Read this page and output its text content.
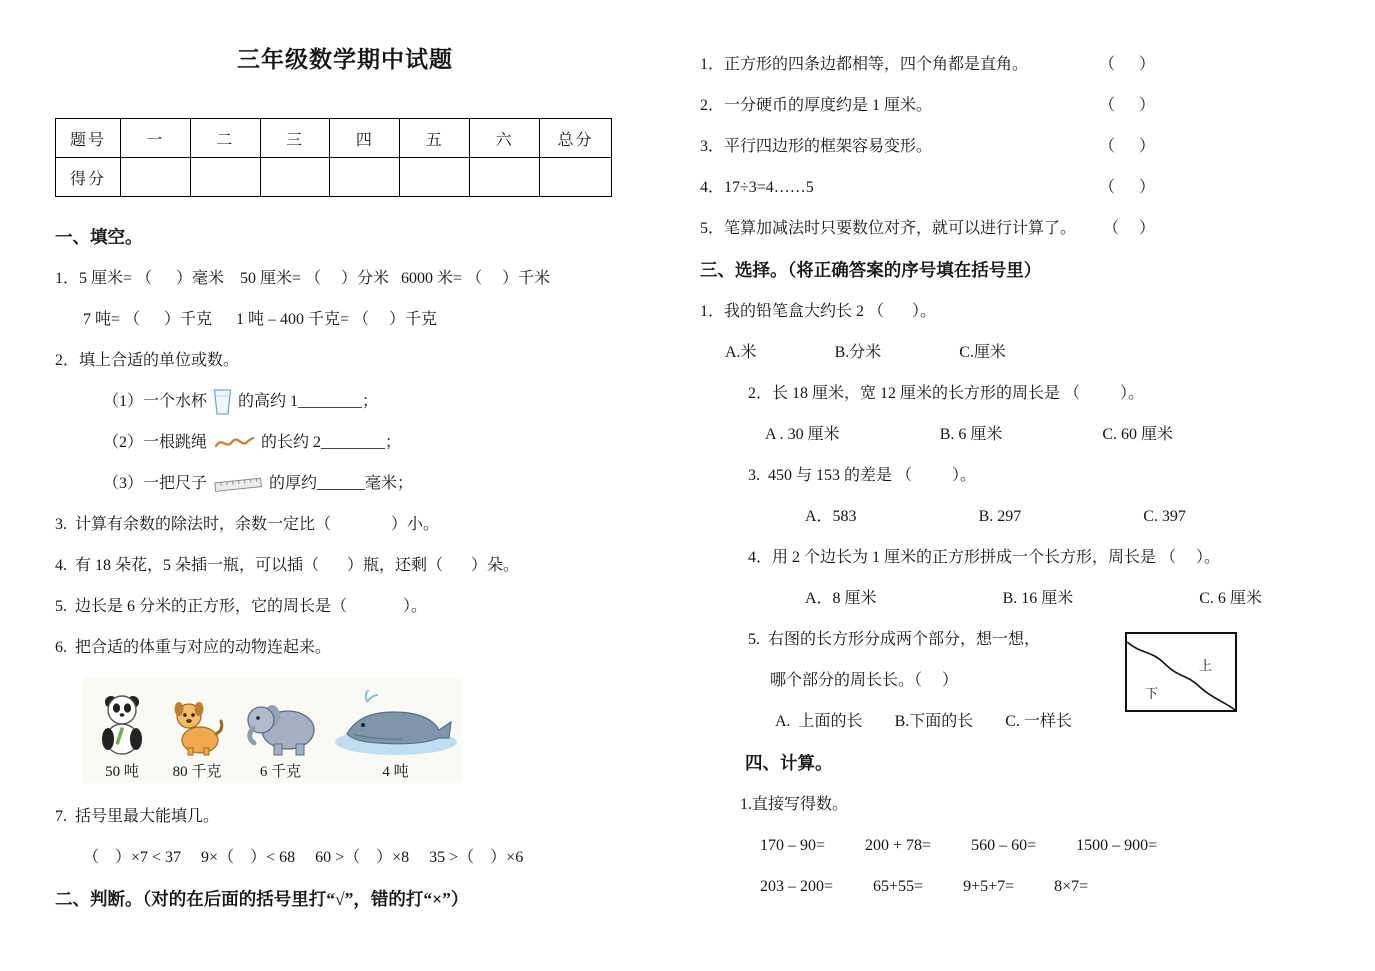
三年级数学期中试题
题号	一	二	三	四	五	六	总分
得分							
一、填空。
1．5 厘米= （      ）毫米    50 厘米= （     ）分米   6000 米= （     ）千米
7 吨= （      ）千克      1 吨 – 400 千克= （     ）千克
2．填上合适的单位或数。
（1）一个水杯 的高约 1________；
（2）一根跳绳	的长约 2________；
（3）一把尺子	的厚约______毫米；
3.  计算有余数的除法时，余数一定比（               ）小。
4.  有 18 朵花，5 朵插一瓶，可以插（       ）瓶，还剩（       ）朵。
5.  边长是 6 分米的正方形，它的周长是（              ）。
6.  把合适的体重与对应的动物连起来。
50 吨 80 千克	6 千克	4 吨
7.  括号里最大能填几。
（    ）×7 < 37     9×（    ）< 68     60 >（    ）×8     35 >（    ）×6
二、判断。（对的在后面的括号里打“√”，错的打“×”）
1．正方形的四条边都相等，四个角都是直角。	（      ）
2．一分硬币的厚度约是 1 厘米。	（      ）
3．平行四边形的框架容易变形。	（      ）
4．17÷3=4……5	（      ）
5．笔算加减法时只要数位对齐，就可以进行计算了。 （     ）
三、选择。（将正确答案的序号填在括号里）
1．我的铅笔盒大约长 2 （       ）。
A.米	B.分米	C.厘米
2．长 18 厘米，宽 12 厘米的长方形的周长是 （          ）。
A . 30 厘米	B. 6 厘米	C. 60 厘米
3.  450 与 153 的差是 （          ）。
A．583	B. 297	C. 397
4．用 2 个边长为 1 厘米的正方形拼成一个长方形，周长是 （     ）。
A．8 厘米	B. 16 厘米	C. 6 厘米
5.  右图的长方形分成两个部分，想一想，
哪个部分的周长长。（     ）
A.  上面的长 B.下面的长 C. 一样长
四、计算。
1.直接写得数。
170 – 90=	200 + 78=	560 – 60=	1500 – 900=
203 – 200=	65+55=	9+5+7=	8×7=
上
下
